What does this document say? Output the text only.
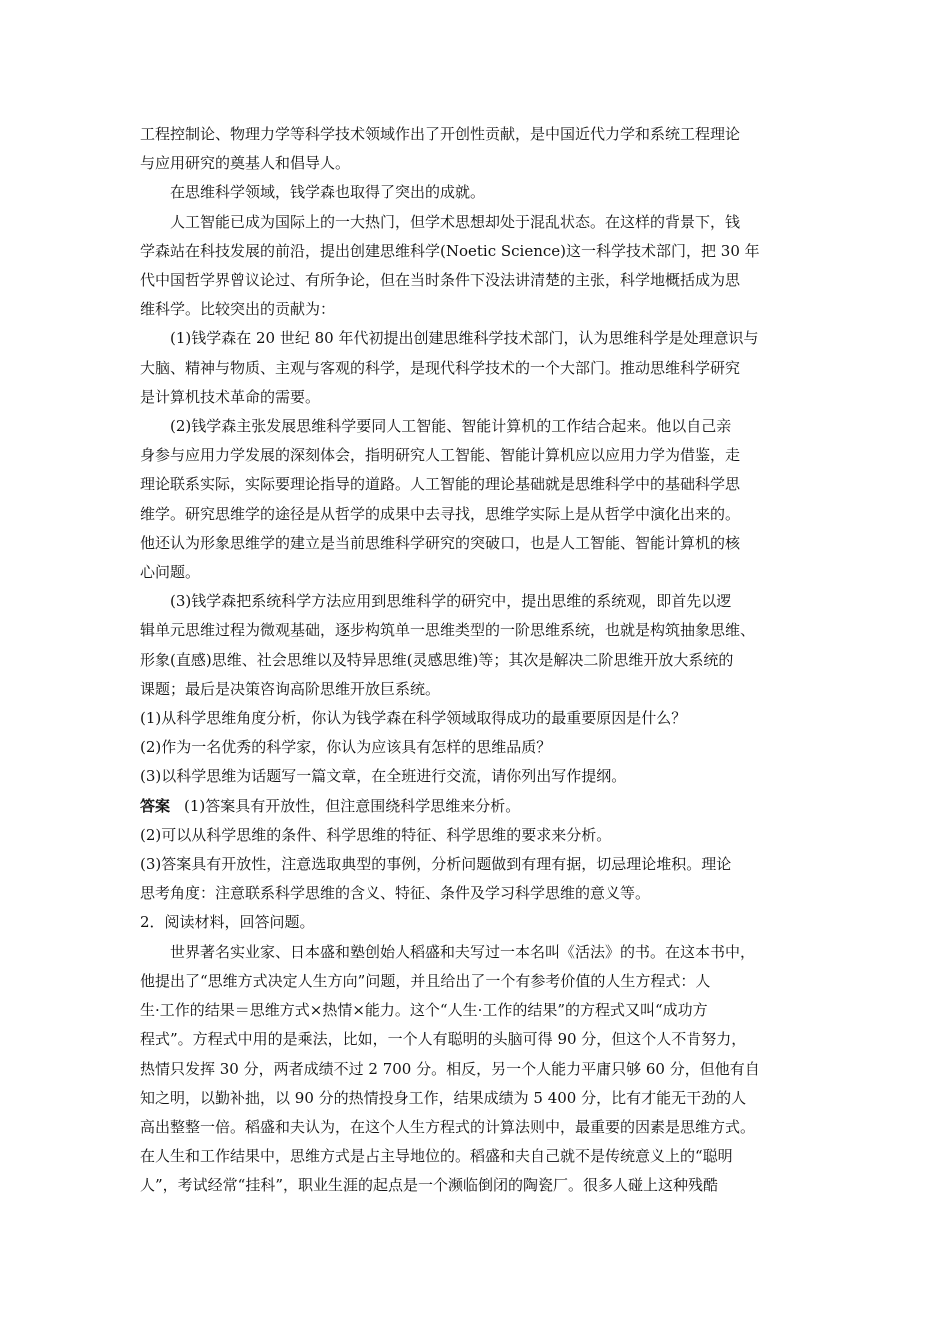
工程控制论、物理力学等科学技术领域作出了开创性贡献，是中国近代力学和系统工程理论
与应用研究的奠基人和倡导人。
在思维科学领域，钱学森也取得了突出的成就。
人工智能已成为国际上的一大热门，但学术思想却处于混乱状态。在这样的背景下，钱
学森站在科技发展的前沿，提出创建思维科学(Noetic Science)这一科学技术部门，把 30 年
代中国哲学界曾议论过、有所争论，但在当时条件下没法讲清楚的主张，科学地概括成为思
维科学。比较突出的贡献为：
(1)钱学森在 20 世纪 80 年代初提出创建思维科学技术部门，认为思维科学是处理意识与
大脑、精神与物质、主观与客观的科学，是现代科学技术的一个大部门。推动思维科学研究
是计算机技术革命的需要。
(2)钱学森主张发展思维科学要同人工智能、智能计算机的工作结合起来。他以自己亲
身参与应用力学发展的深刻体会，指明研究人工智能、智能计算机应以应用力学为借鉴，走
理论联系实际，实际要理论指导的道路。人工智能的理论基础就是思维科学中的基础科学思
维学。研究思维学的途径是从哲学的成果中去寻找，思维学实际上是从哲学中演化出来的。
他还认为形象思维学的建立是当前思维科学研究的突破口，也是人工智能、智能计算机的核
心问题。
(3)钱学森把系统科学方法应用到思维科学的研究中，提出思维的系统观，即首先以逻
辑单元思维过程为微观基础，逐步构筑单一思维类型的一阶思维系统，也就是构筑抽象思维、
形象(直感)思维、社会思维以及特异思维(灵感思维)等；其次是解决二阶思维开放大系统的
课题；最后是决策咨询高阶思维开放巨系统。
(1)从科学思维角度分析，你认为钱学森在科学领域取得成功的最重要原因是什么？
(2)作为一名优秀的科学家，你认为应该具有怎样的思维品质？
(3)以科学思维为话题写一篇文章，在全班进行交流，请你列出写作提纲。
答案 (1)答案具有开放性，但注意围绕科学思维来分析。
(2)可以从科学思维的条件、科学思维的特征、科学思维的要求来分析。
(3)答案具有开放性，注意选取典型的事例，分析问题做到有理有据，切忌理论堆积。理论
思考角度：注意联系科学思维的含义、特征、条件及学习科学思维的意义等。
2．阅读材料，回答问题。
世界著名实业家、日本盛和塾创始人稻盛和夫写过一本名叫《活法》的书。在这本书中，
他提出了“思维方式决定人生方向”问题，并且给出了一个有参考价值的人生方程式：人
生·工作的结果＝思维方式×热情×能力。这个“人生·工作的结果”的方程式又叫“成功方
程式”。方程式中用的是乘法，比如，一个人有聪明的头脑可得 90 分，但这个人不肯努力，
热情只发挥 30 分，两者成绩不过 2 700 分。相反，另一个人能力平庸只够 60 分，但他有自
知之明，以勤补拙，以 90 分的热情投身工作，结果成绩为 5 400 分，比有才能无干劲的人
高出整整一倍。稻盛和夫认为，在这个人生方程式的计算法则中，最重要的因素是思维方式。
在人生和工作结果中，思维方式是占主导地位的。稻盛和夫自己就不是传统意义上的“聪明
人”，考试经常“挂科”，职业生涯的起点是一个濒临倒闭的陶瓷厂。很多人碰上这种残酷
